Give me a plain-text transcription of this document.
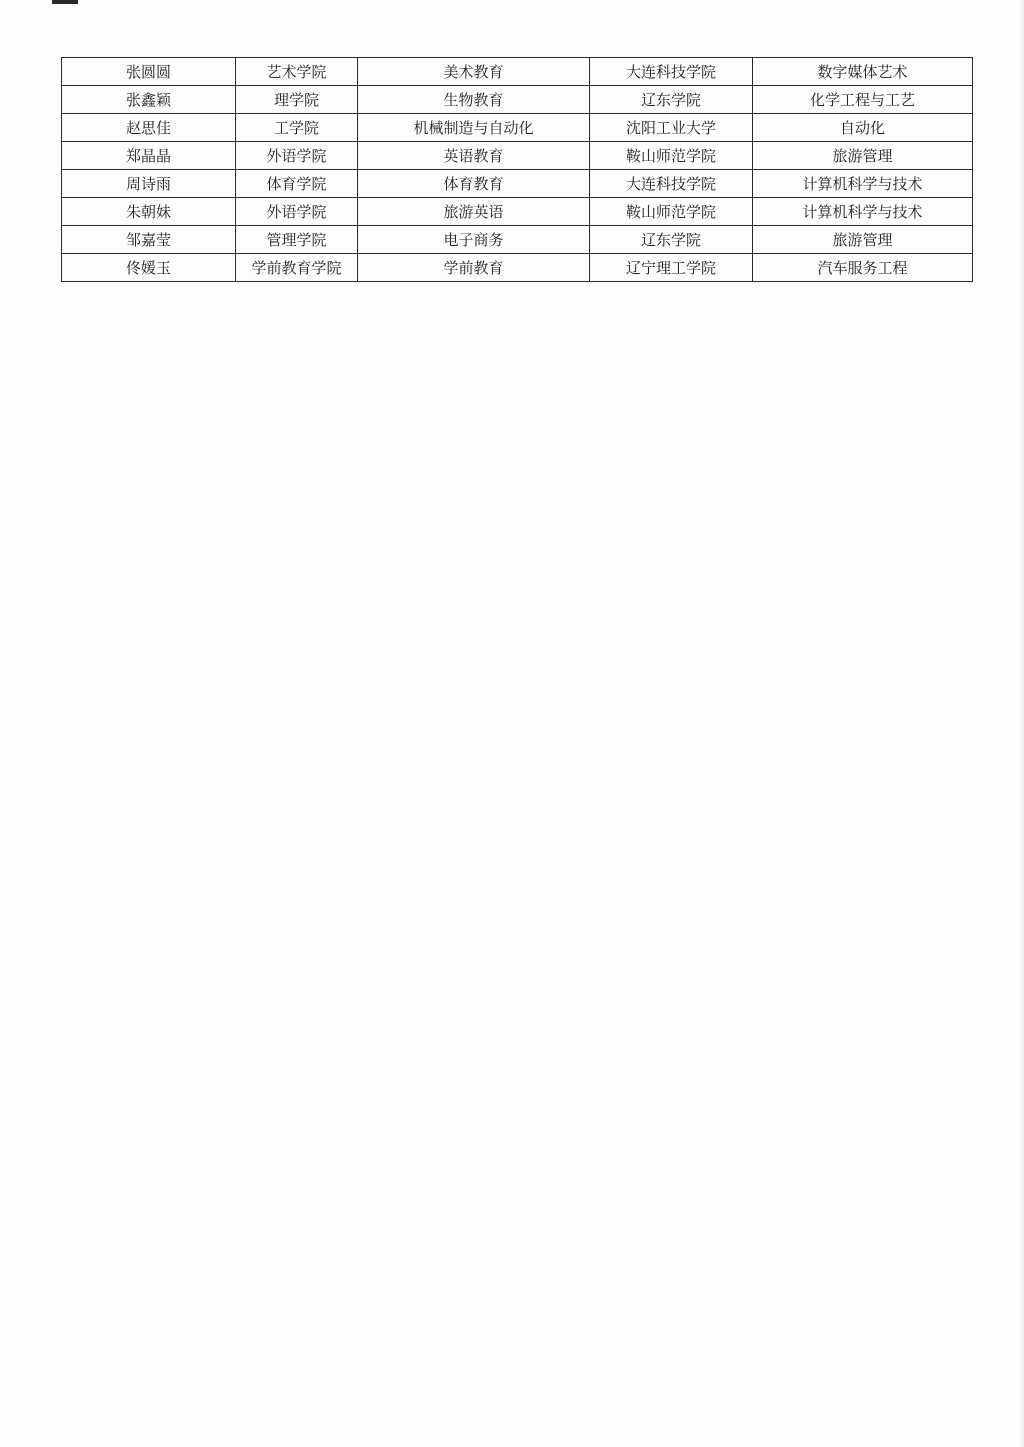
张圆圆	艺术学院	美术教育	大连科技学院	数字媒体艺术
张鑫颖	理学院	生物教育	辽东学院	化学工程与工艺
赵思佳	工学院	机械制造与自动化	沈阳工业大学	自动化
郑晶晶	外语学院	英语教育	鞍山师范学院	旅游管理
周诗雨	体育学院	体育教育	大连科技学院	计算机科学与技术
朱朝妹	外语学院	旅游英语	鞍山师范学院	计算机科学与技术
邹嘉莹	管理学院	电子商务	辽东学院	旅游管理
佟媛玉	学前教育学院	学前教育	辽宁理工学院	汽车服务工程
